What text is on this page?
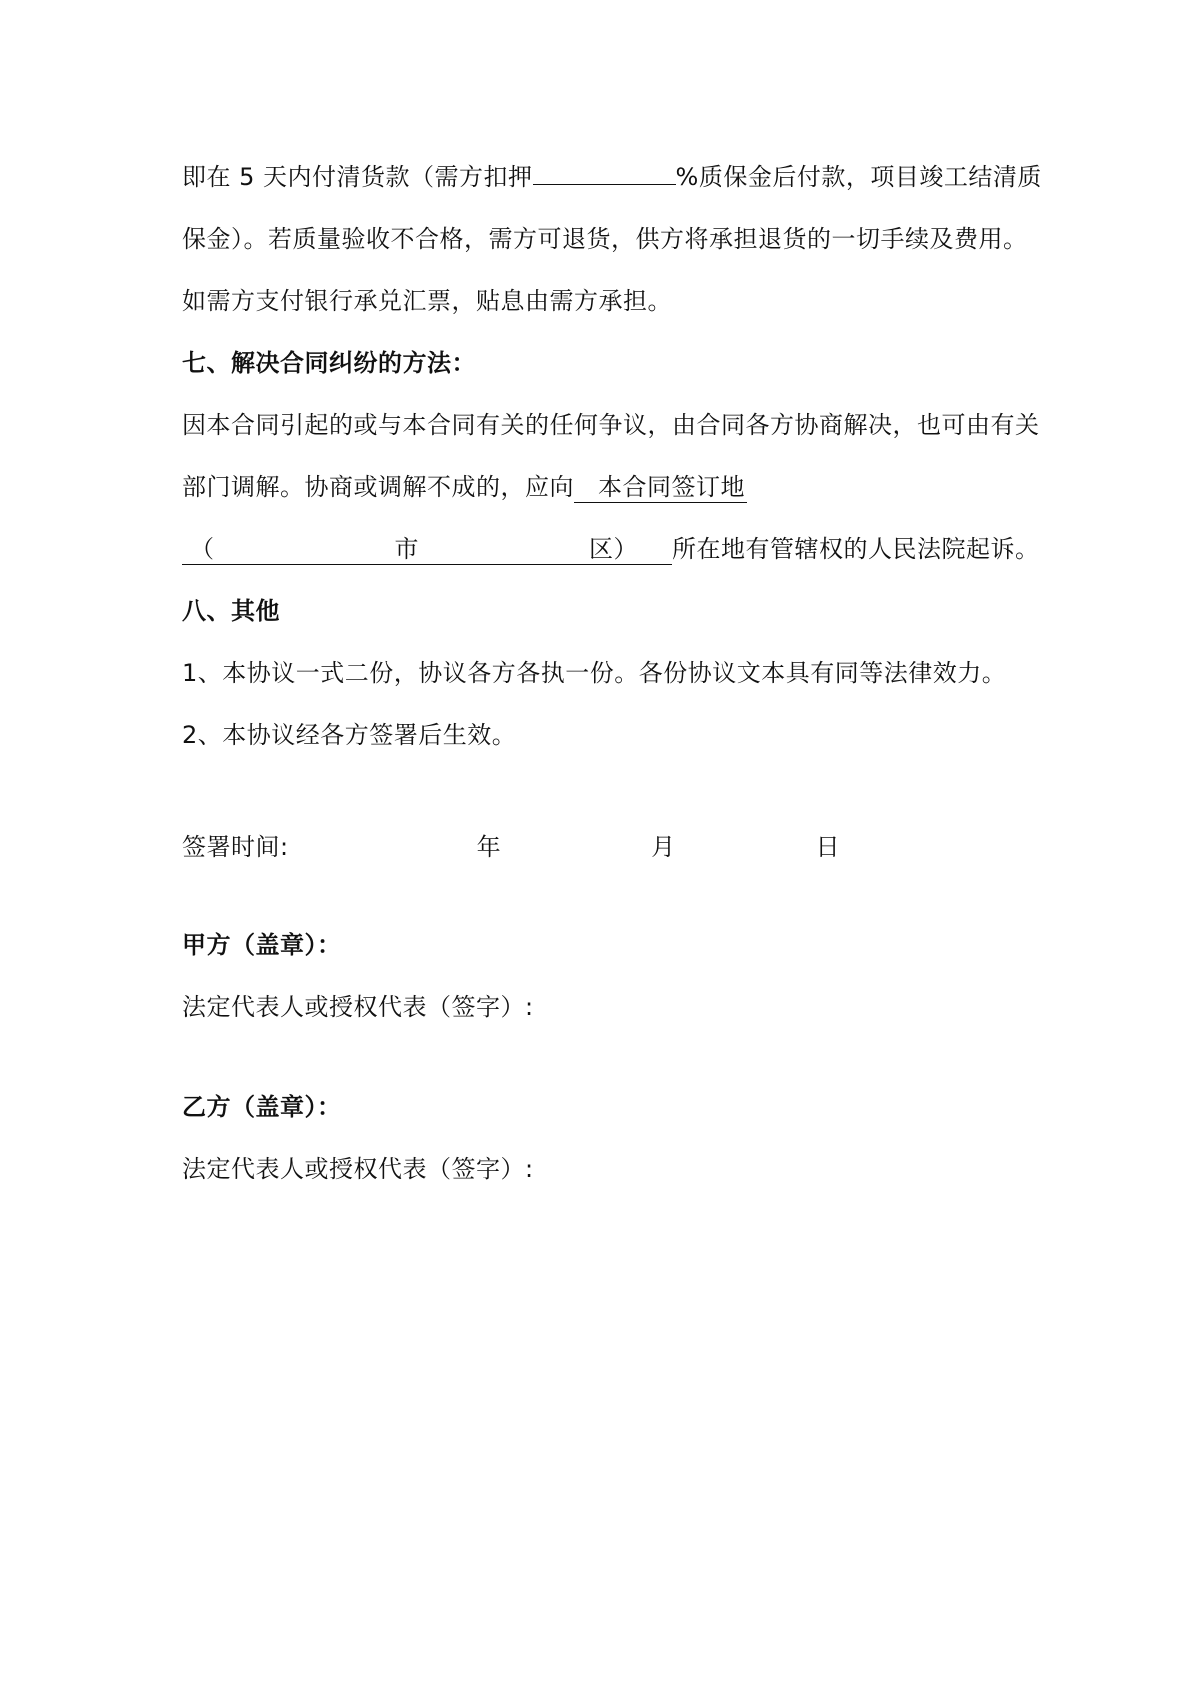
即在 5 天内付清货款（需方扣押	%质保金后付款，项目竣工结清质
保金）。若质量验收不合格，需方可退货，供方将承担退货的一切手续及费用。
如需方支付银行承兑汇票，贴息由需方承担。
七、解决合同纠纷的方法：
因本合同引起的或与本合同有关的任何争议，由合同各方协商解决，也可由有关
部门调解。协商或调解不成的，应向 本合同签订地
（	市	区） 所在地有管辖权的人民法院起诉。
八、其他
1、本协议一式二份，协议各方各执一份。各份协议文本具有同等法律效力。
2、本协议经各方签署后生效。
签署时间:	年	月	日
甲方（盖章）：
法定代表人或授权代表（签字）:
乙方（盖章）：
法定代表人或授权代表（签字）:
